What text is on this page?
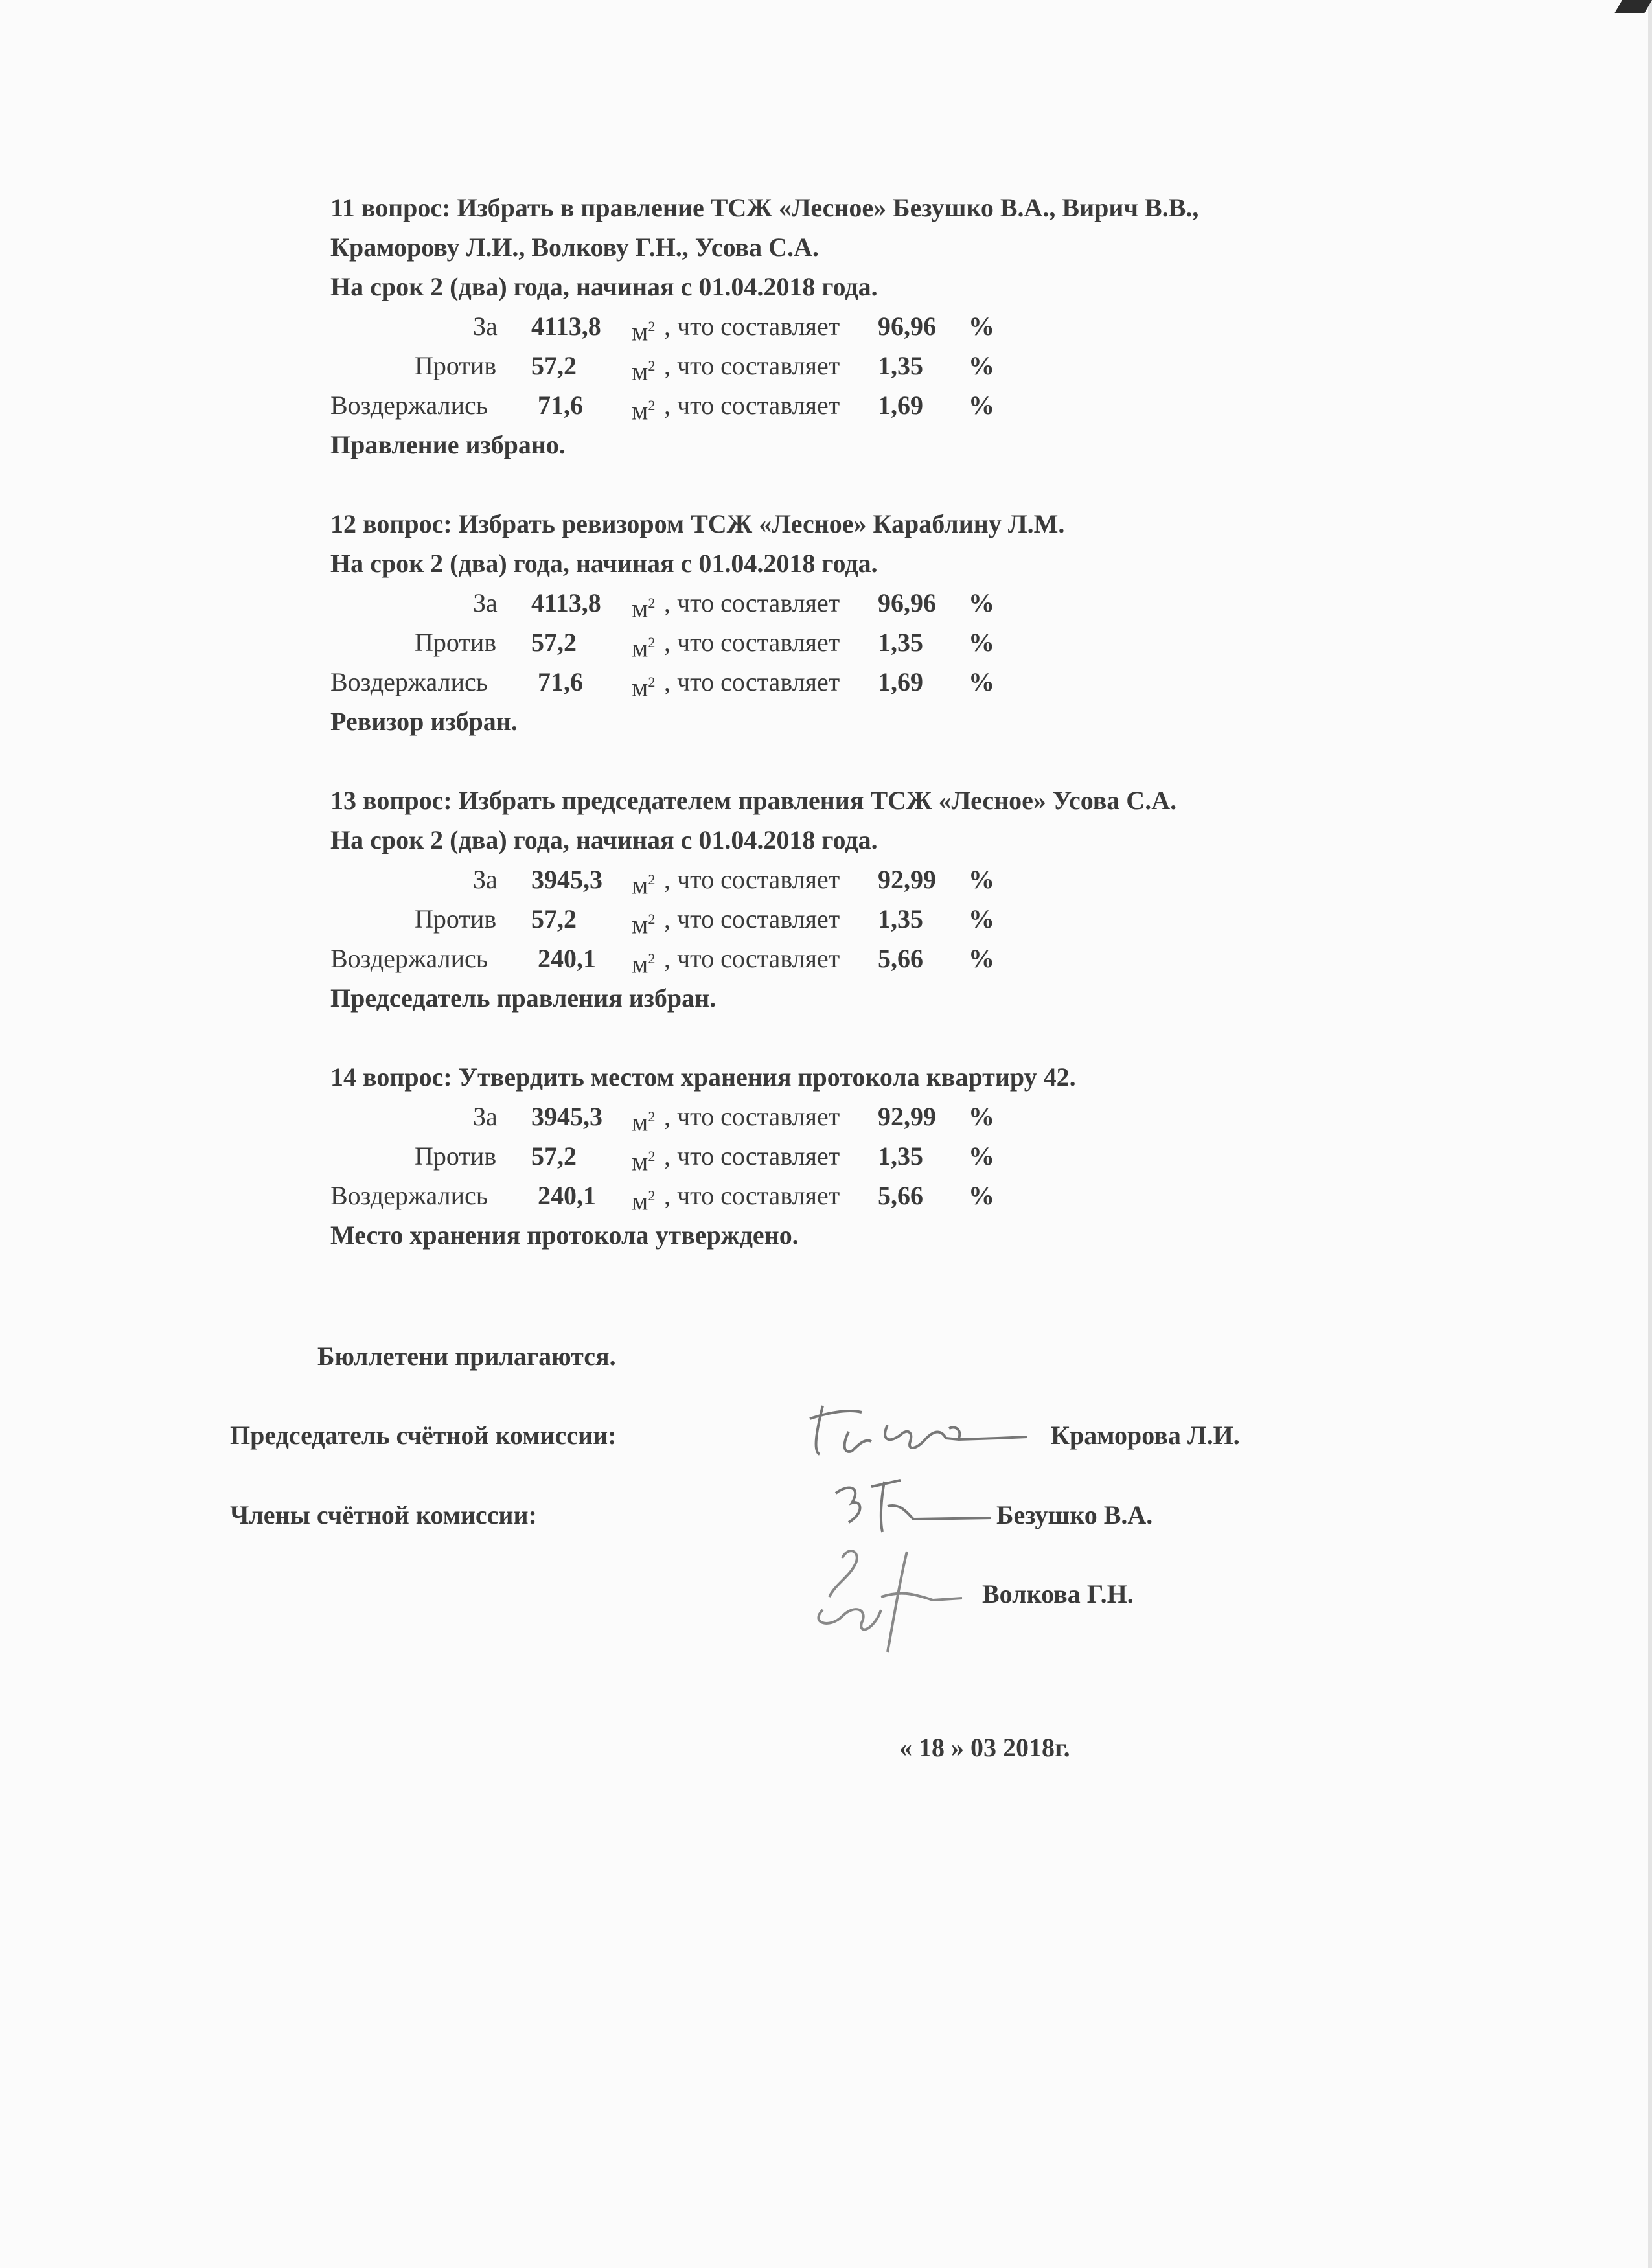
11 вопрос: Избрать в правление ТСЖ «Лесное» Безушко В.А., Вирич В.В.,
Краморову Л.И., Волкову Г.Н., Усова С.А.
На срок 2 (два) года, начиная с 01.04.2018 года.
За 4113,8 $м^2$ , что составляет 96,96 %
Против 57,2 $м^2$ , что составляет 1,35 %
Воздержались 71,6 $м^2$ , что составляет 1,69 %
Правление избрано.
12 вопрос: Избрать ревизором ТСЖ «Лесное» Караблину Л.М.
На срок 2 (два) года, начиная с 01.04.2018 года.
За 4113,8 $м^2$ , что составляет 96,96 %
Против 57,2 $м^2$ , что составляет 1,35 %
Воздержались 71,6 $м^2$ , что составляет 1,69 %
Ревизор избран.
13 вопрос: Избрать председателем правления ТСЖ «Лесное» Усова С.А.
На срок 2 (два) года, начиная с 01.04.2018 года.
За 3945,3 $м^2$ , что составляет 92,99 %
Против 57,2 $м^2$ , что составляет 1,35 %
Воздержались 240,1 $м^2$ , что составляет 5,66 %
Председатель правления избран.
14 вопрос: Утвердить местом хранения протокола квартиру 42.
За 3945,3 $м^2$ , что составляет 92,99 %
Против 57,2 $м^2$ , что составляет 1,35 %
Воздержались 240,1 $м^2$ , что составляет 5,66 %
Место хранения протокола утверждено.
Председатель счётной комиссии:	Краморова Л.И.
Члены счётной комиссии:	Безушко В.А.
Волкова Г.Н.
Бюллетени прилагаются.
« 18 » 03 2018г.
